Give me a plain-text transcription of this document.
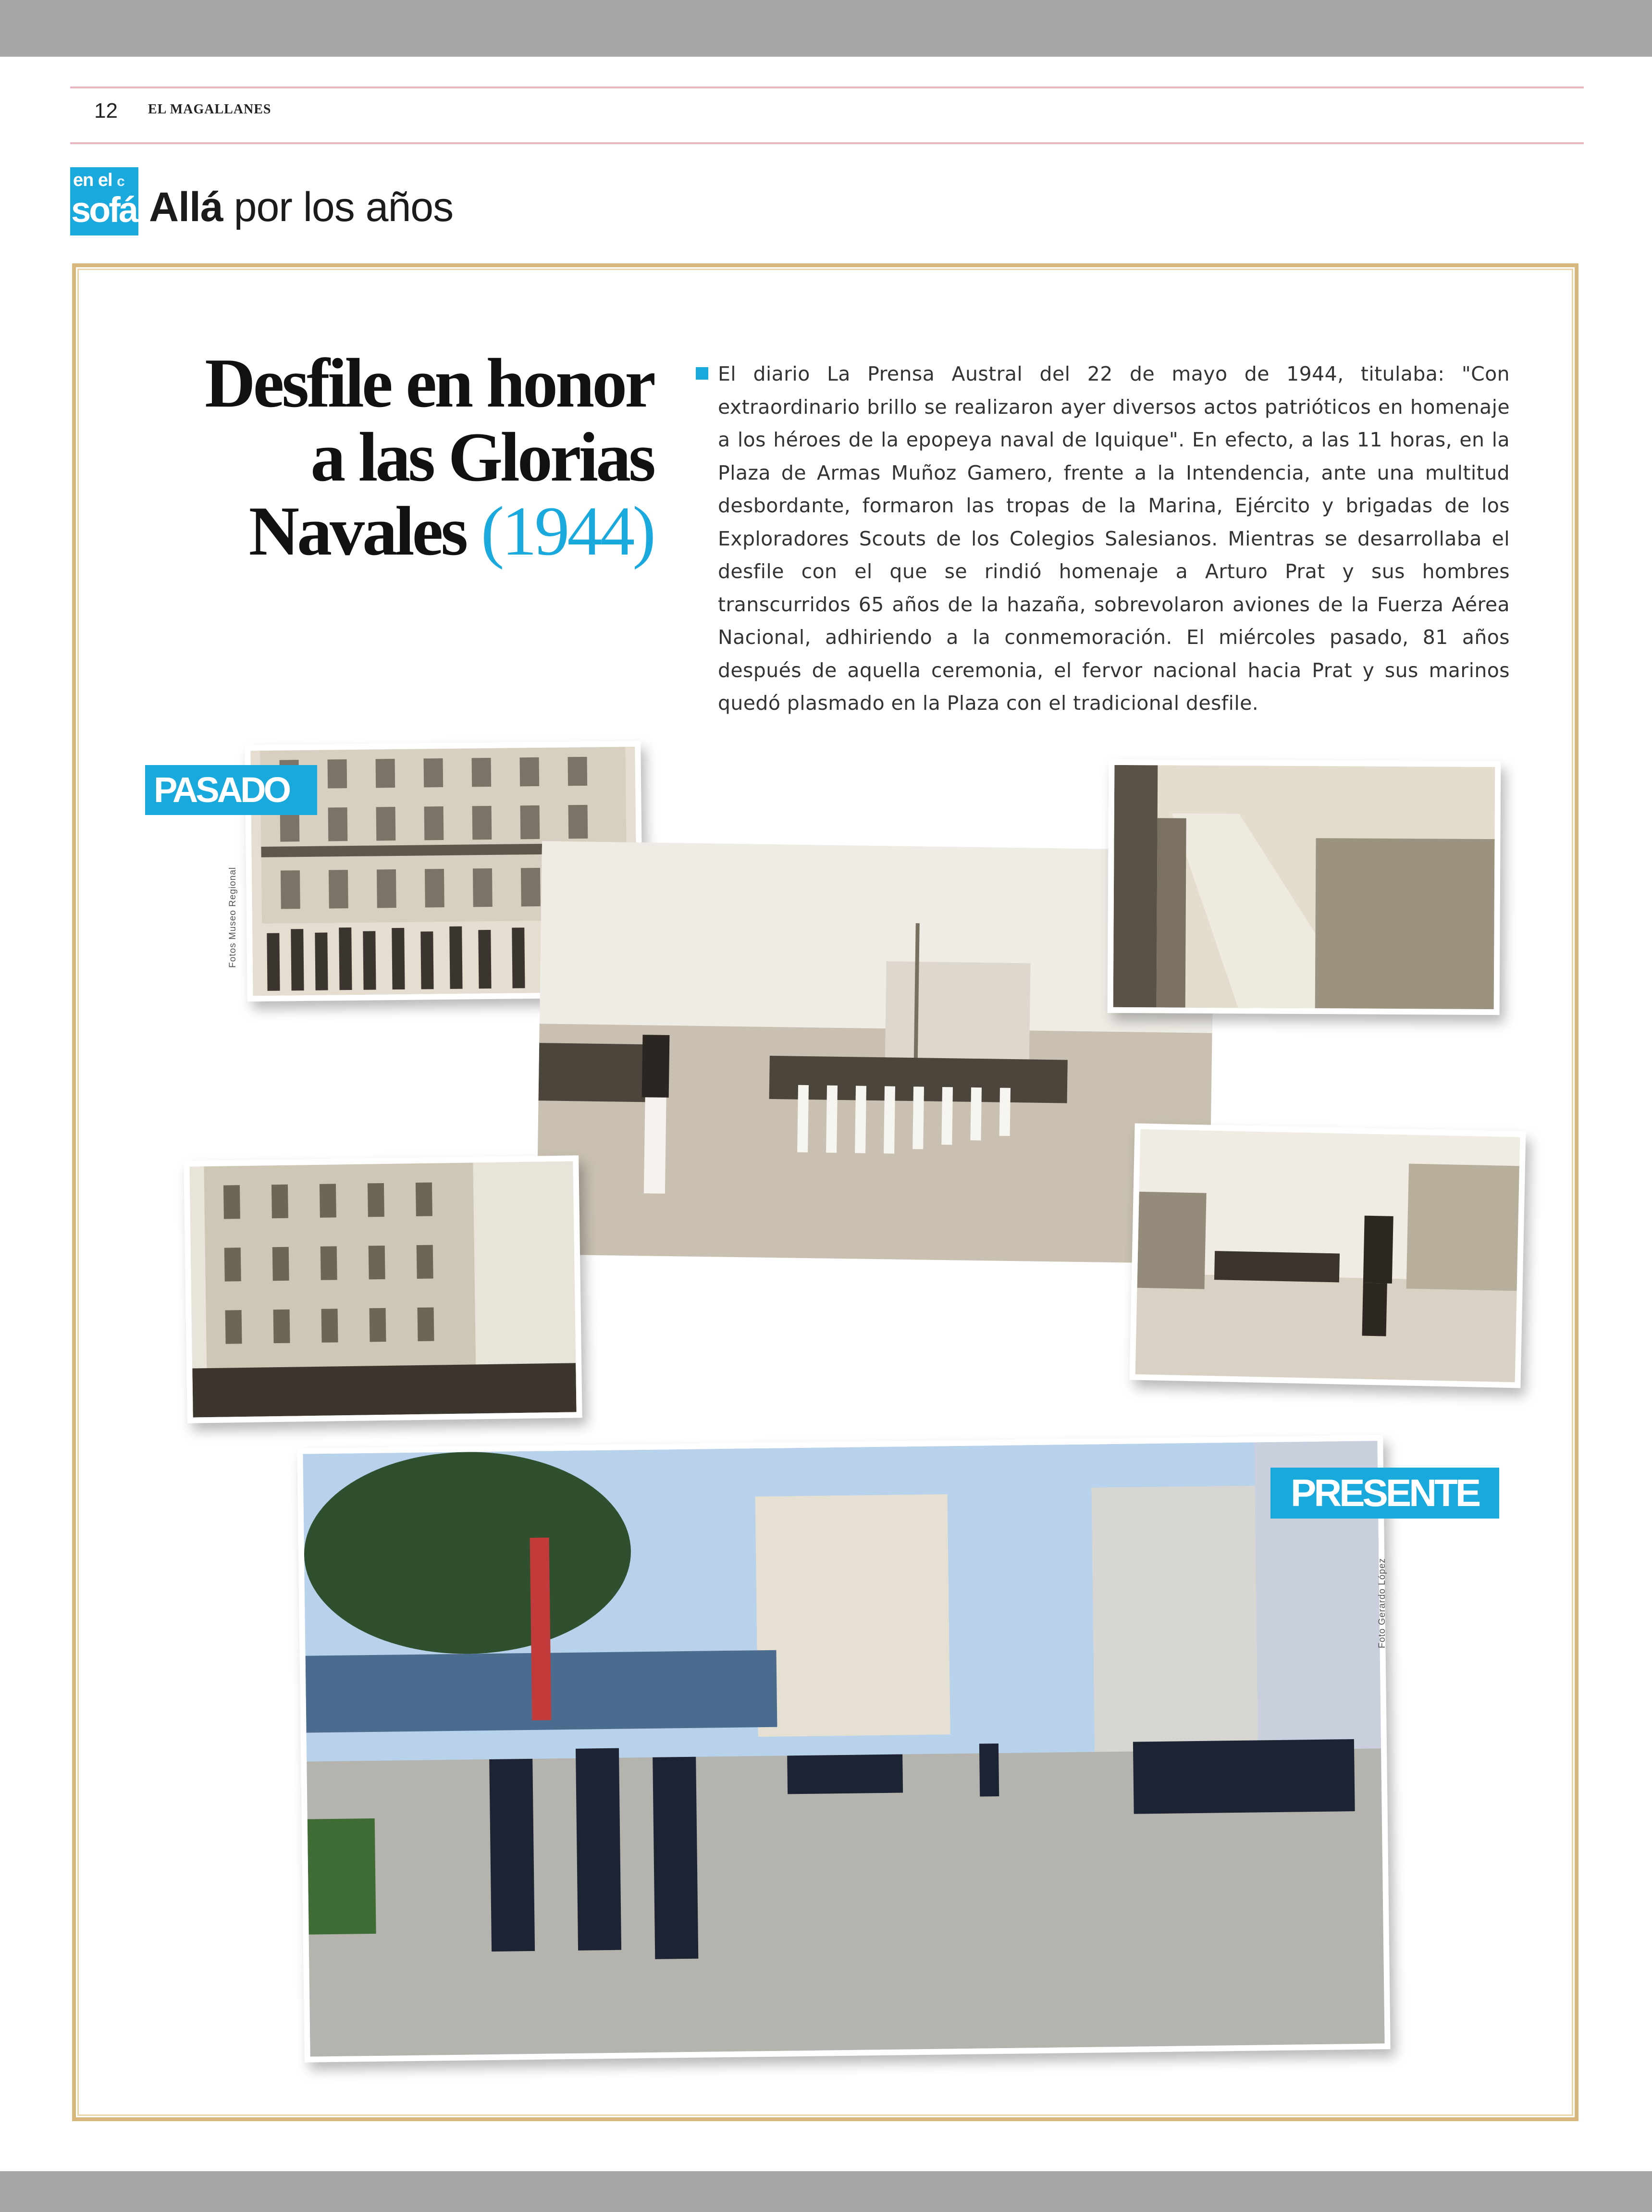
12 EL MAGALLANES
en el c
sofá Allá por los años
Desfile en honor
a las Glorias
Navales (1944)
El diario La Prensa Austral del 22 de mayo de 1944, titulaba: "Con extraordinario brillo se realizaron ayer diversos actos patrióticos en homenaje a los héroes de la epopeya naval de Iquique". En efecto, a las 11 horas, en la Plaza de Armas Muñoz Gamero, frente a la Intendencia, ante una multitud desbordante, formaron las tropas de la Marina, Ejército y brigadas de los Exploradores Scouts de los Colegios Salesianos. Mientras se desarrollaba el desfile con el que se rindió homenaje a Arturo Prat y sus hombres transcurridos 65 años de la hazaña, sobrevolaron aviones de la Fuerza Aérea Nacional, adhiriendo a la conmemoración. El miércoles pasado, 81 años después de aquella ceremonia, el fervor nacional hacia Prat y sus marinos quedó plasmado en la Plaza con el tradicional desfile.
PASADO
PRESENTE
Fotos Museo Regional
Foto Gerardo López
